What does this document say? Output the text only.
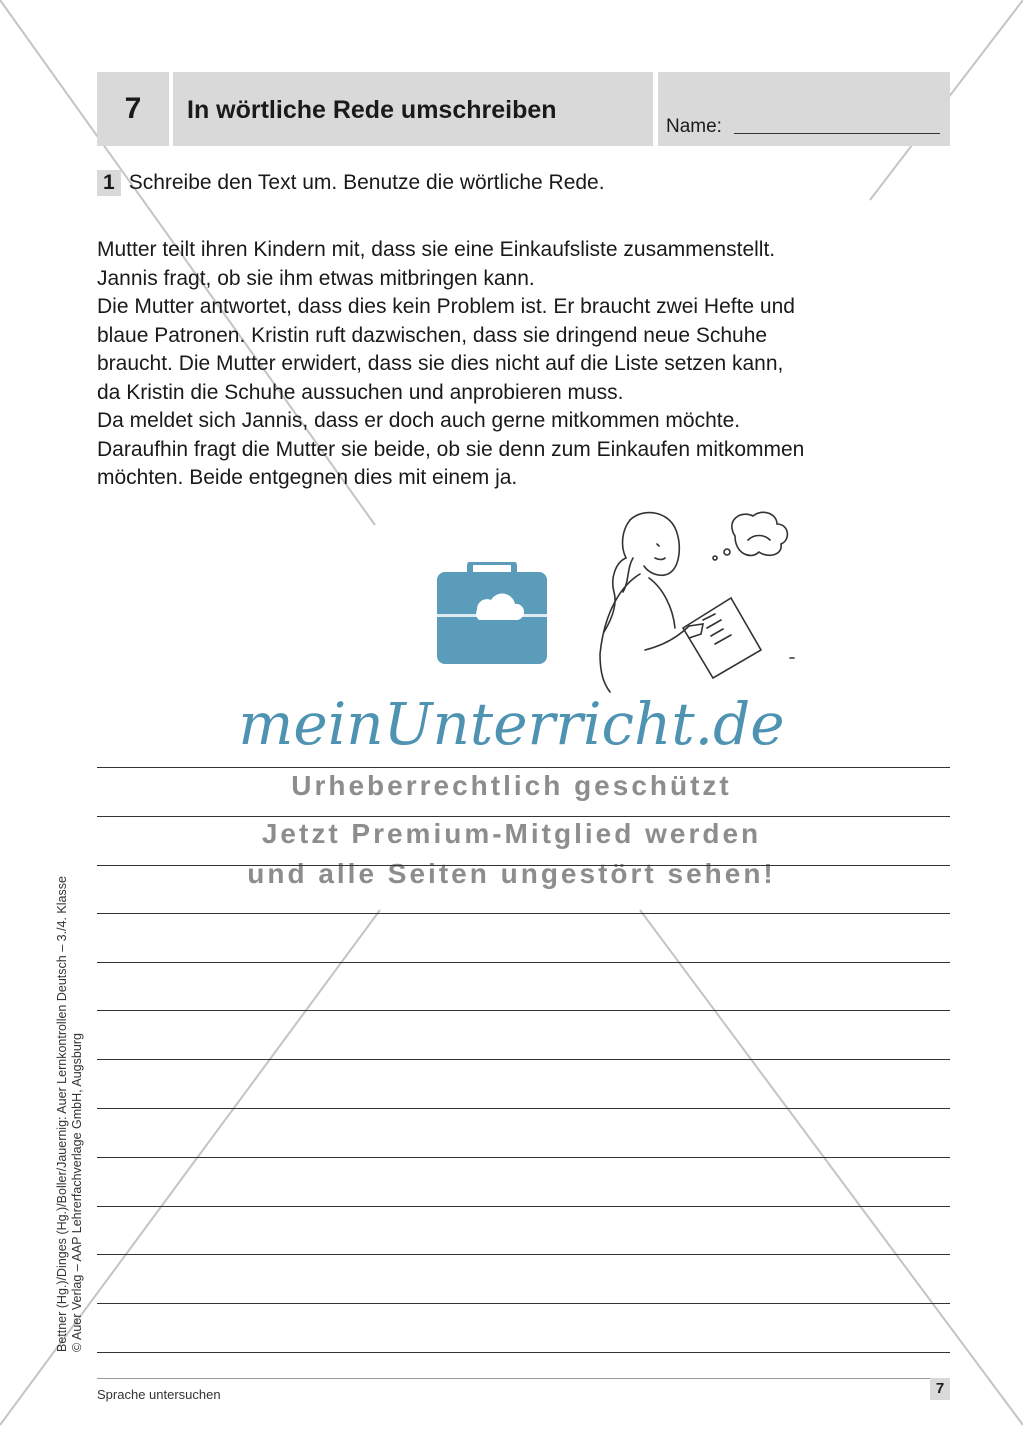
7	In wörtliche Rede umschreiben
Name:
1 Schreibe den Text um. Benutze die wörtliche Rede.

Mutter teilt ihren Kindern mit, dass sie eine Einkaufsliste zusammenstellt.

Jannis fragt, ob sie ihm etwas mitbringen kann.

Die Mutter antwortet, dass dies kein Problem ist. Er braucht zwei Hefte und

blaue Patronen. Kristin ruft dazwischen, dass sie dringend neue Schuhe

braucht. Die Mutter erwidert, dass sie dies nicht auf die Liste setzen kann,

da Kristin die Schuhe aussuchen und anprobieren muss.

Da meldet sich Jannis, dass er doch auch gerne mitkommen möchte.

Daraufhin fragt die Mutter sie beide, ob sie denn zum Einkaufen mitkommen

möchten. Beide entgegnen dies mit einem ja.

meinUnterricht.de
Urheberrechtlich geschützt
Jetzt Premium-Mitglied werden
und alle Seiten ungestört sehen!
Bettner (Hg.)/Dinges (Hg.)/Boller/Jauernig: Auer Lernkontrollen Deutsch – 3./4. Klasse © Auer Verlag – AAP Lehrerfachverlage GmbH, Augsburg
Sprache untersuchen	7
